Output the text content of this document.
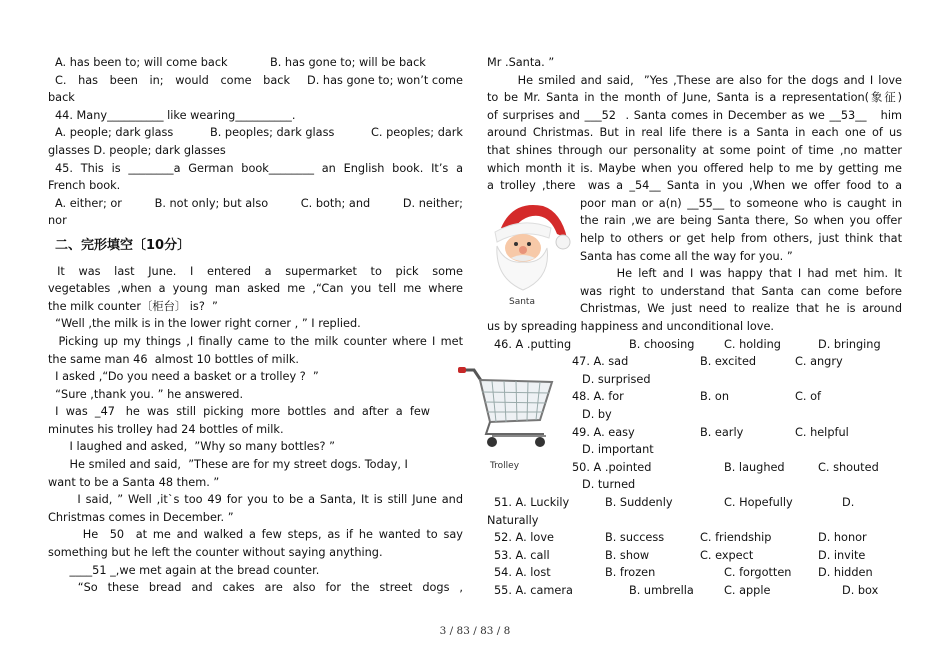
A. has been to; will come back	B. has gone to; will be back
C. has been in; would come back	D. has gone to; won’t come
back
44. Many__________ like wearing__________.
A. people; dark glass	B. peoples; dark glass	C. peoples; dark
glasses D. people; dark glasses
45. This is ________a German book________ an English book. It’s a
French book.
A. either; or	B. not only; but also	C. both; and	D. neither;
nor
二、完形填空〔10分〕
It   was   last   June.   I   entered   a   supermarket   to   pick   some
vegetables ,when a young man asked me ,“Can you tell me where
the milk counter〔柜台〕 is?  ”
“Well ,the milk is in the lower right corner , ” I replied.
Picking up my things ,I finally came to the milk counter where I met
the same man 46  almost 10 bottles of milk.
I asked ,“Do you need a basket or a trolley ?  ”
“Sure ,thank you. ” he answered.
I  was  _47   he  was  still  picking  more  bottles  and  after  a  few
minutes his trolley had 24 bottles of milk.
I laughed and asked,  ”Why so many bottles? ”
He smiled and said,  ”These are for my street dogs. Today, I
want to be a Santa 48 them. ”
I said, ” Well ,it`s too 49 for you to be a Santa, It is still June and
Christmas comes in December. ”
He  50  at me and walked a few steps, as if he wanted to say
something but he left the counter without saying anything.
____51 _,we met again at the bread counter.
“So  these  bread  and  cakes  are  also  for  the  street  dogs  ,
Mr .Santa. ”
He smiled and said,  ”Yes ,These are also for the dogs and I love
to be Mr. Santa in the month of June, Santa is a representation(象征)
of surprises and ___52  . Santa comes in December as we __53__   him
around Christmas. But in real life there is a Santa in each one of us
that shines through our personality at some point of time ,no matter
which month it is. Maybe when you offered help to me by getting me
a trolley ,there  was a _54__ Santa in you ,When we offer food to a
poor man or a(n) __55__ to someone who is caught in
the rain ,we are being Santa there, So when you offer
help to others or get help from others, just think that
Santa has come all the way for you. ”
He left and I was happy that I had met him. It
was right to understand that Santa can come before
Christmas, We just need to realize that he is around
us by spreading happiness and unconditional love.
46. A .putting	B. choosing	C. holding	D. bringing
47. A. sad	B. excited	C. angry
D. surprised
48. A. for	B. on	C. of
D. by
49. A. easy	B. early	C. helpful
D. important
50. A .pointed	B. laughed	C. shouted
D. turned
51. A. Luckily	B. Suddenly	C. Hopefully	D.
Naturally
52. A. love	B. success	C. friendship	D. honor
53. A. call	B. show	C. expect	D. invite
54. A. lost	B. frozen	C. forgotten D. hidden
55. A. camera	B. umbrella	C. apple	D. box
Santa
Trolley
3 / 83 / 83 / 8
